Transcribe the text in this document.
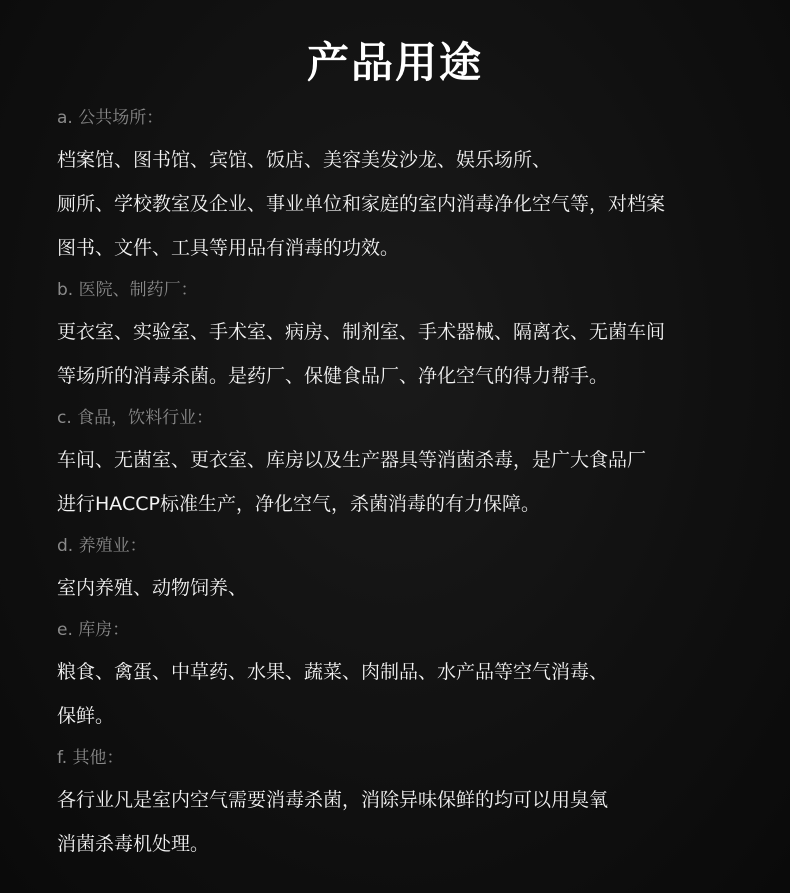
产品用途
a. 公共场所：
档案馆、图书馆、宾馆、饭店、美容美发沙龙、娱乐场所、
厕所、学校教室及企业、事业单位和家庭的室内消毒净化空气等，对档案
图书、文件、工具等用品有消毒的功效。
b. 医院、制药厂：
更衣室、实验室、手术室、病房、制剂室、手术器械、隔离衣、无菌车间
等场所的消毒杀菌。是药厂、保健食品厂、净化空气的得力帮手。
c. 食品，饮料行业：
车间、无菌室、更衣室、库房以及生产器具等消菌杀毒，是广大食品厂
进行HACCP标准生产，净化空气，杀菌消毒的有力保障。
d. 养殖业：
室内养殖、动物饲养、
e. 库房：
粮食、禽蛋、中草药、水果、蔬菜、肉制品、水产品等空气消毒、
保鲜。
f. 其他：
各行业凡是室内空气需要消毒杀菌，消除异味保鲜的均可以用臭氧
消菌杀毒机处理。
